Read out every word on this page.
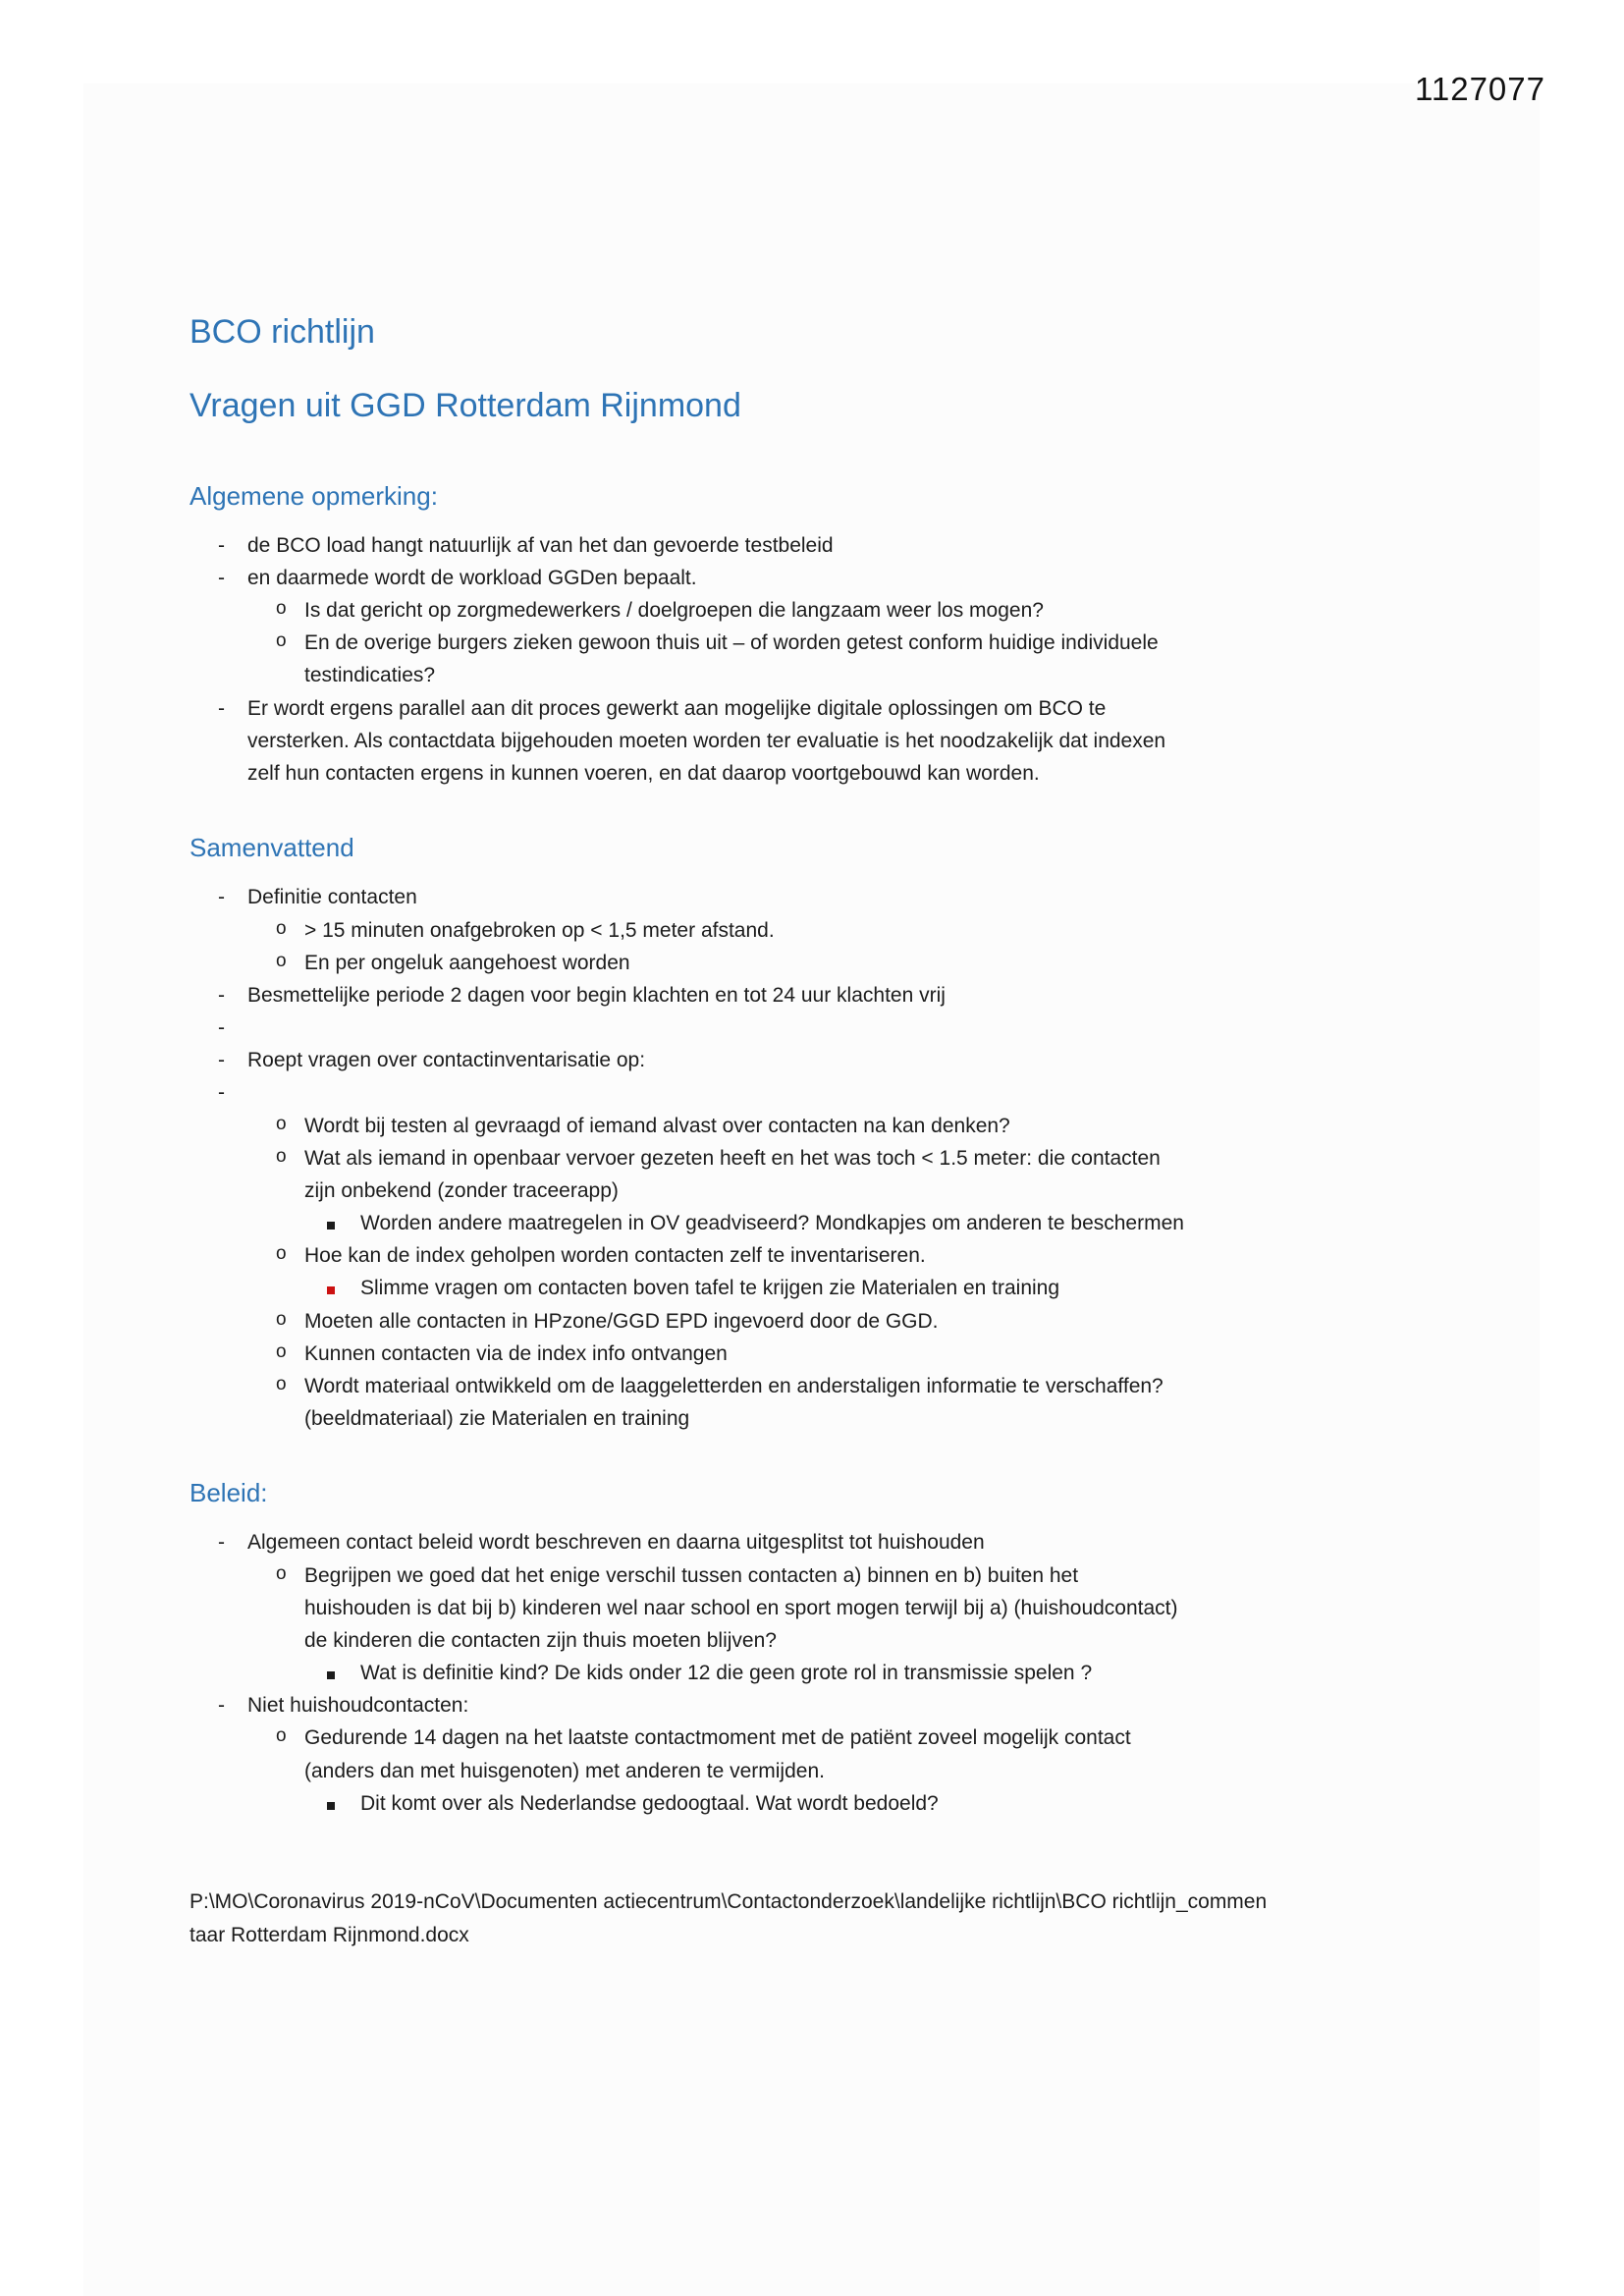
1127077
BCO richtlijn
Vragen uit GGD Rotterdam Rijnmond
Algemene opmerking:
-	de BCO load hangt natuurlijk af van het dan gevoerde testbeleid
-	en daarmede wordt de workload GGDen bepaalt.
o Is dat gericht op zorgmedewerkers / doelgroepen die langzaam weer los mogen?
o En de overige burgers zieken gewoon thuis uit – of worden getest conform huidige individuele testindicaties?
-	Er wordt ergens parallel aan dit proces gewerkt aan mogelijke digitale oplossingen om BCO te versterken. Als contactdata bijgehouden moeten worden ter evaluatie is het noodzakelijk dat indexen zelf hun contacten ergens in kunnen voeren, en dat daarop voortgebouwd kan worden.
Samenvattend
-	Definitie contacten
o > 15 minuten onafgebroken op < 1,5 meter afstand.
o En per ongeluk aangehoest worden
-	Besmettelijke periode 2 dagen voor begin klachten en tot 24 uur klachten vrij
-
-	Roept vragen over contactinventarisatie op:
-
o Wordt bij testen al gevraagd of iemand alvast over contacten na kan denken?
o Wat als iemand in openbaar vervoer gezeten heeft en het was toch < 1.5 meter: die contacten zijn onbekend (zonder traceerapp)
Worden andere maatregelen in OV geadviseerd? Mondkapjes om anderen te beschermen
o Hoe kan de index geholpen worden contacten zelf te inventariseren.
Slimme vragen om contacten boven tafel te krijgen zie Materialen en training
o Moeten alle contacten in HPzone/GGD EPD ingevoerd door de GGD.
o Kunnen contacten via de index info ontvangen
o Wordt materiaal ontwikkeld om de laaggeletterden en anderstaligen informatie te verschaffen? (beeldmateriaal) zie Materialen en training
Beleid:
-	Algemeen contact beleid wordt beschreven en daarna uitgesplitst tot huishouden
o Begrijpen we goed dat het enige verschil tussen contacten a) binnen en b) buiten het huishouden is dat bij b) kinderen wel naar school en sport mogen terwijl bij a) (huishoudcontact) de kinderen die contacten zijn thuis moeten blijven?
Wat is definitie kind? De kids onder 12 die geen grote rol in transmissie spelen ?
-	Niet huishoudcontacten:
o Gedurende 14 dagen na het laatste contactmoment met de patiënt zoveel mogelijk contact (anders dan met huisgenoten) met anderen te vermijden.
Dit komt over als Nederlandse gedoogtaal. Wat wordt bedoeld?
P:\MO\Coronavirus 2019-nCoV\Documenten actiecentrum\Contactonderzoek\landelijke richtlijn\BCO richtlijn_commentaar Rotterdam Rijnmond.docx
